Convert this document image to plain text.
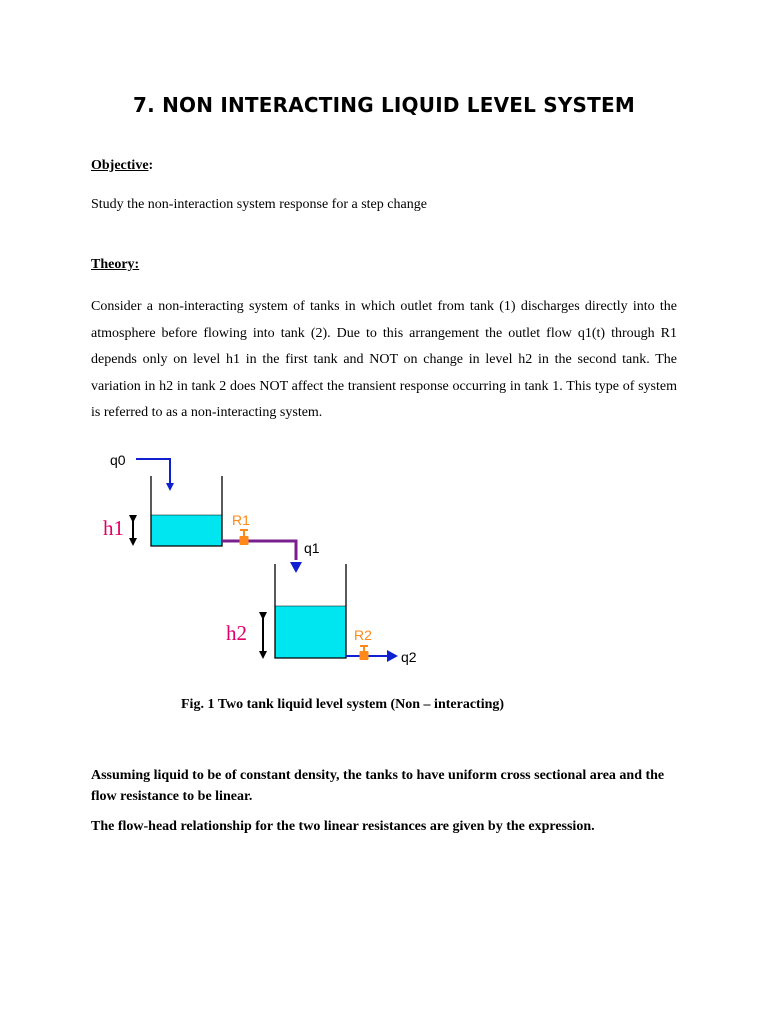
7. NON INTERACTING LIQUID LEVEL SYSTEM
Objective:
Study the non-interaction system response for a step change
Theory:
Consider a non-interacting system of tanks in which outlet from tank (1) discharges directly into the atmosphere before flowing into tank (2). Due to this arrangement the outlet flow q1(t) through R1 depends only on level h1 in the first tank and NOT on change in level h2 in the second tank. The variation in h2 in tank 2 does NOT affect the transient response occurring in tank 1. This type of system is referred to as a non-interacting system.
q0
h1	R1
q1
h2	R2
q2
Fig. 1 Two tank liquid level system (Non – interacting)
Assuming liquid to be of constant density, the tanks to have uniform cross sectional area and the flow resistance to be linear.
The flow-head relationship for the two linear resistances are given by the expression.
